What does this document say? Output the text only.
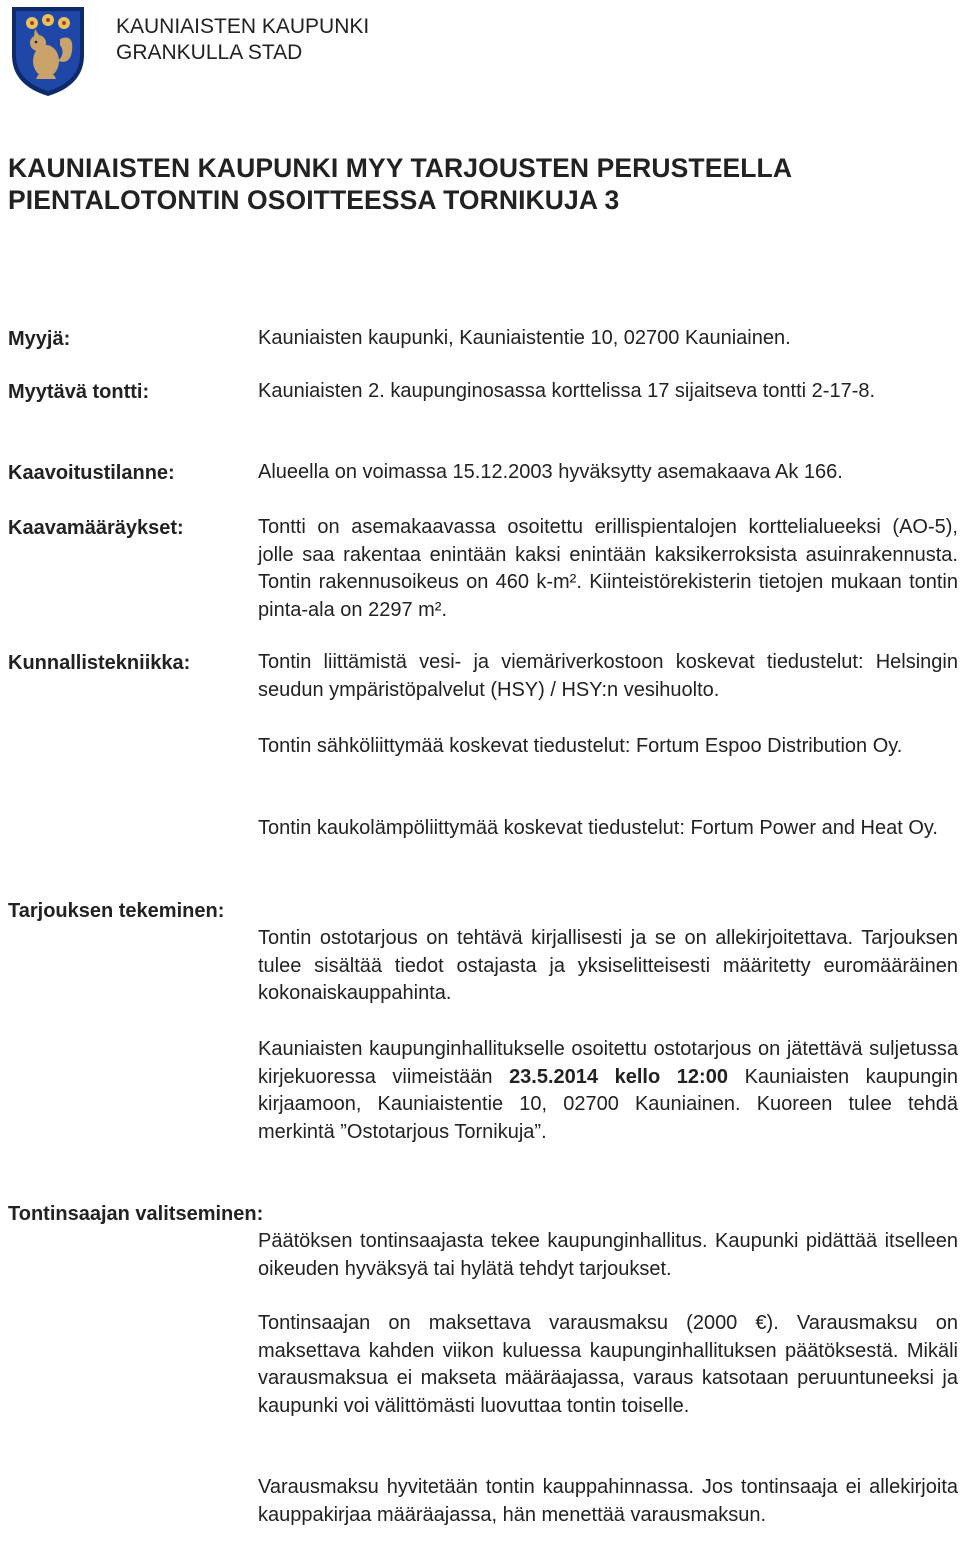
KAUNIAISTEN KAUPUNKI
GRANKULLA STAD
KAUNIAISTEN KAUPUNKI MYY TARJOUSTEN PERUSTEELLA
PIENTALOTONTIN OSOITTEESSA TORNIKUJA 3
Myyjä:	Kauniaisten kaupunki, Kauniaistentie 10, 02700 Kauniainen.
Myytävä tontti:	Kauniaisten 2. kaupunginosassa korttelissa 17 sijaitseva tontti 2-17-8.
Kaavoitustilanne:	Alueella on voimassa 15.12.2003 hyväksytty asemakaava Ak 166.
Kaavamääräykset:	Tontti on asemakaavassa osoitettu erillispientalojen korttelialueeksi (AO-5), jolle saa rakentaa enintään kaksi enintään kaksikerroksista asuinrakennusta. Tontin rakennusoikeus on 460 k-m². Kiinteistörekisterin tietojen mukaan tontin pinta-ala on 2297 m².
Kunnallistekniikka:	Tontin liittämistä vesi- ja viemäriverkostoon koskevat tiedustelut: Helsingin seudun ympäristöpalvelut (HSY) / HSY:n vesihuolto.
Tontin sähköliittymää koskevat tiedustelut: Fortum Espoo Distribution Oy.
Tontin kaukolämpöliittymää koskevat tiedustelut: Fortum Power and Heat Oy.
Tarjouksen tekeminen:
Tontin ostotarjous on tehtävä kirjallisesti ja se on allekirjoitettava. Tarjouksen tulee sisältää tiedot ostajasta ja yksiselitteisesti määritetty euromääräinen kokonaiskauppahinta.
Kauniaisten kaupunginhallitukselle osoitettu ostotarjous on jätettävä suljetussa kirjekuoressa viimeistään 23.5.2014 kello 12:00 Kauniaisten kaupungin kirjaamoon, Kauniaistentie 10, 02700 Kauniainen. Kuoreen tulee tehdä merkintä ”Ostotarjous Tornikuja”.
Tontinsaajan valitseminen:
Päätöksen tontinsaajasta tekee kaupunginhallitus. Kaupunki pidättää itselleen oikeuden hyväksyä tai hylätä tehdyt tarjoukset.
Tontinsaajan on maksettava varausmaksu (2000 €). Varausmaksu on maksettava kahden viikon kuluessa kaupunginhallituksen päätöksestä. Mikäli varausmaksua ei makseta määräajassa, varaus katsotaan peruuntuneeksi ja kaupunki voi välittömästi luovuttaa tontin toiselle.
Varausmaksu hyvitetään tontin kauppahinnassa. Jos tontinsaaja ei allekirjoita kauppakirjaa määräajassa, hän menettää varausmaksun.
